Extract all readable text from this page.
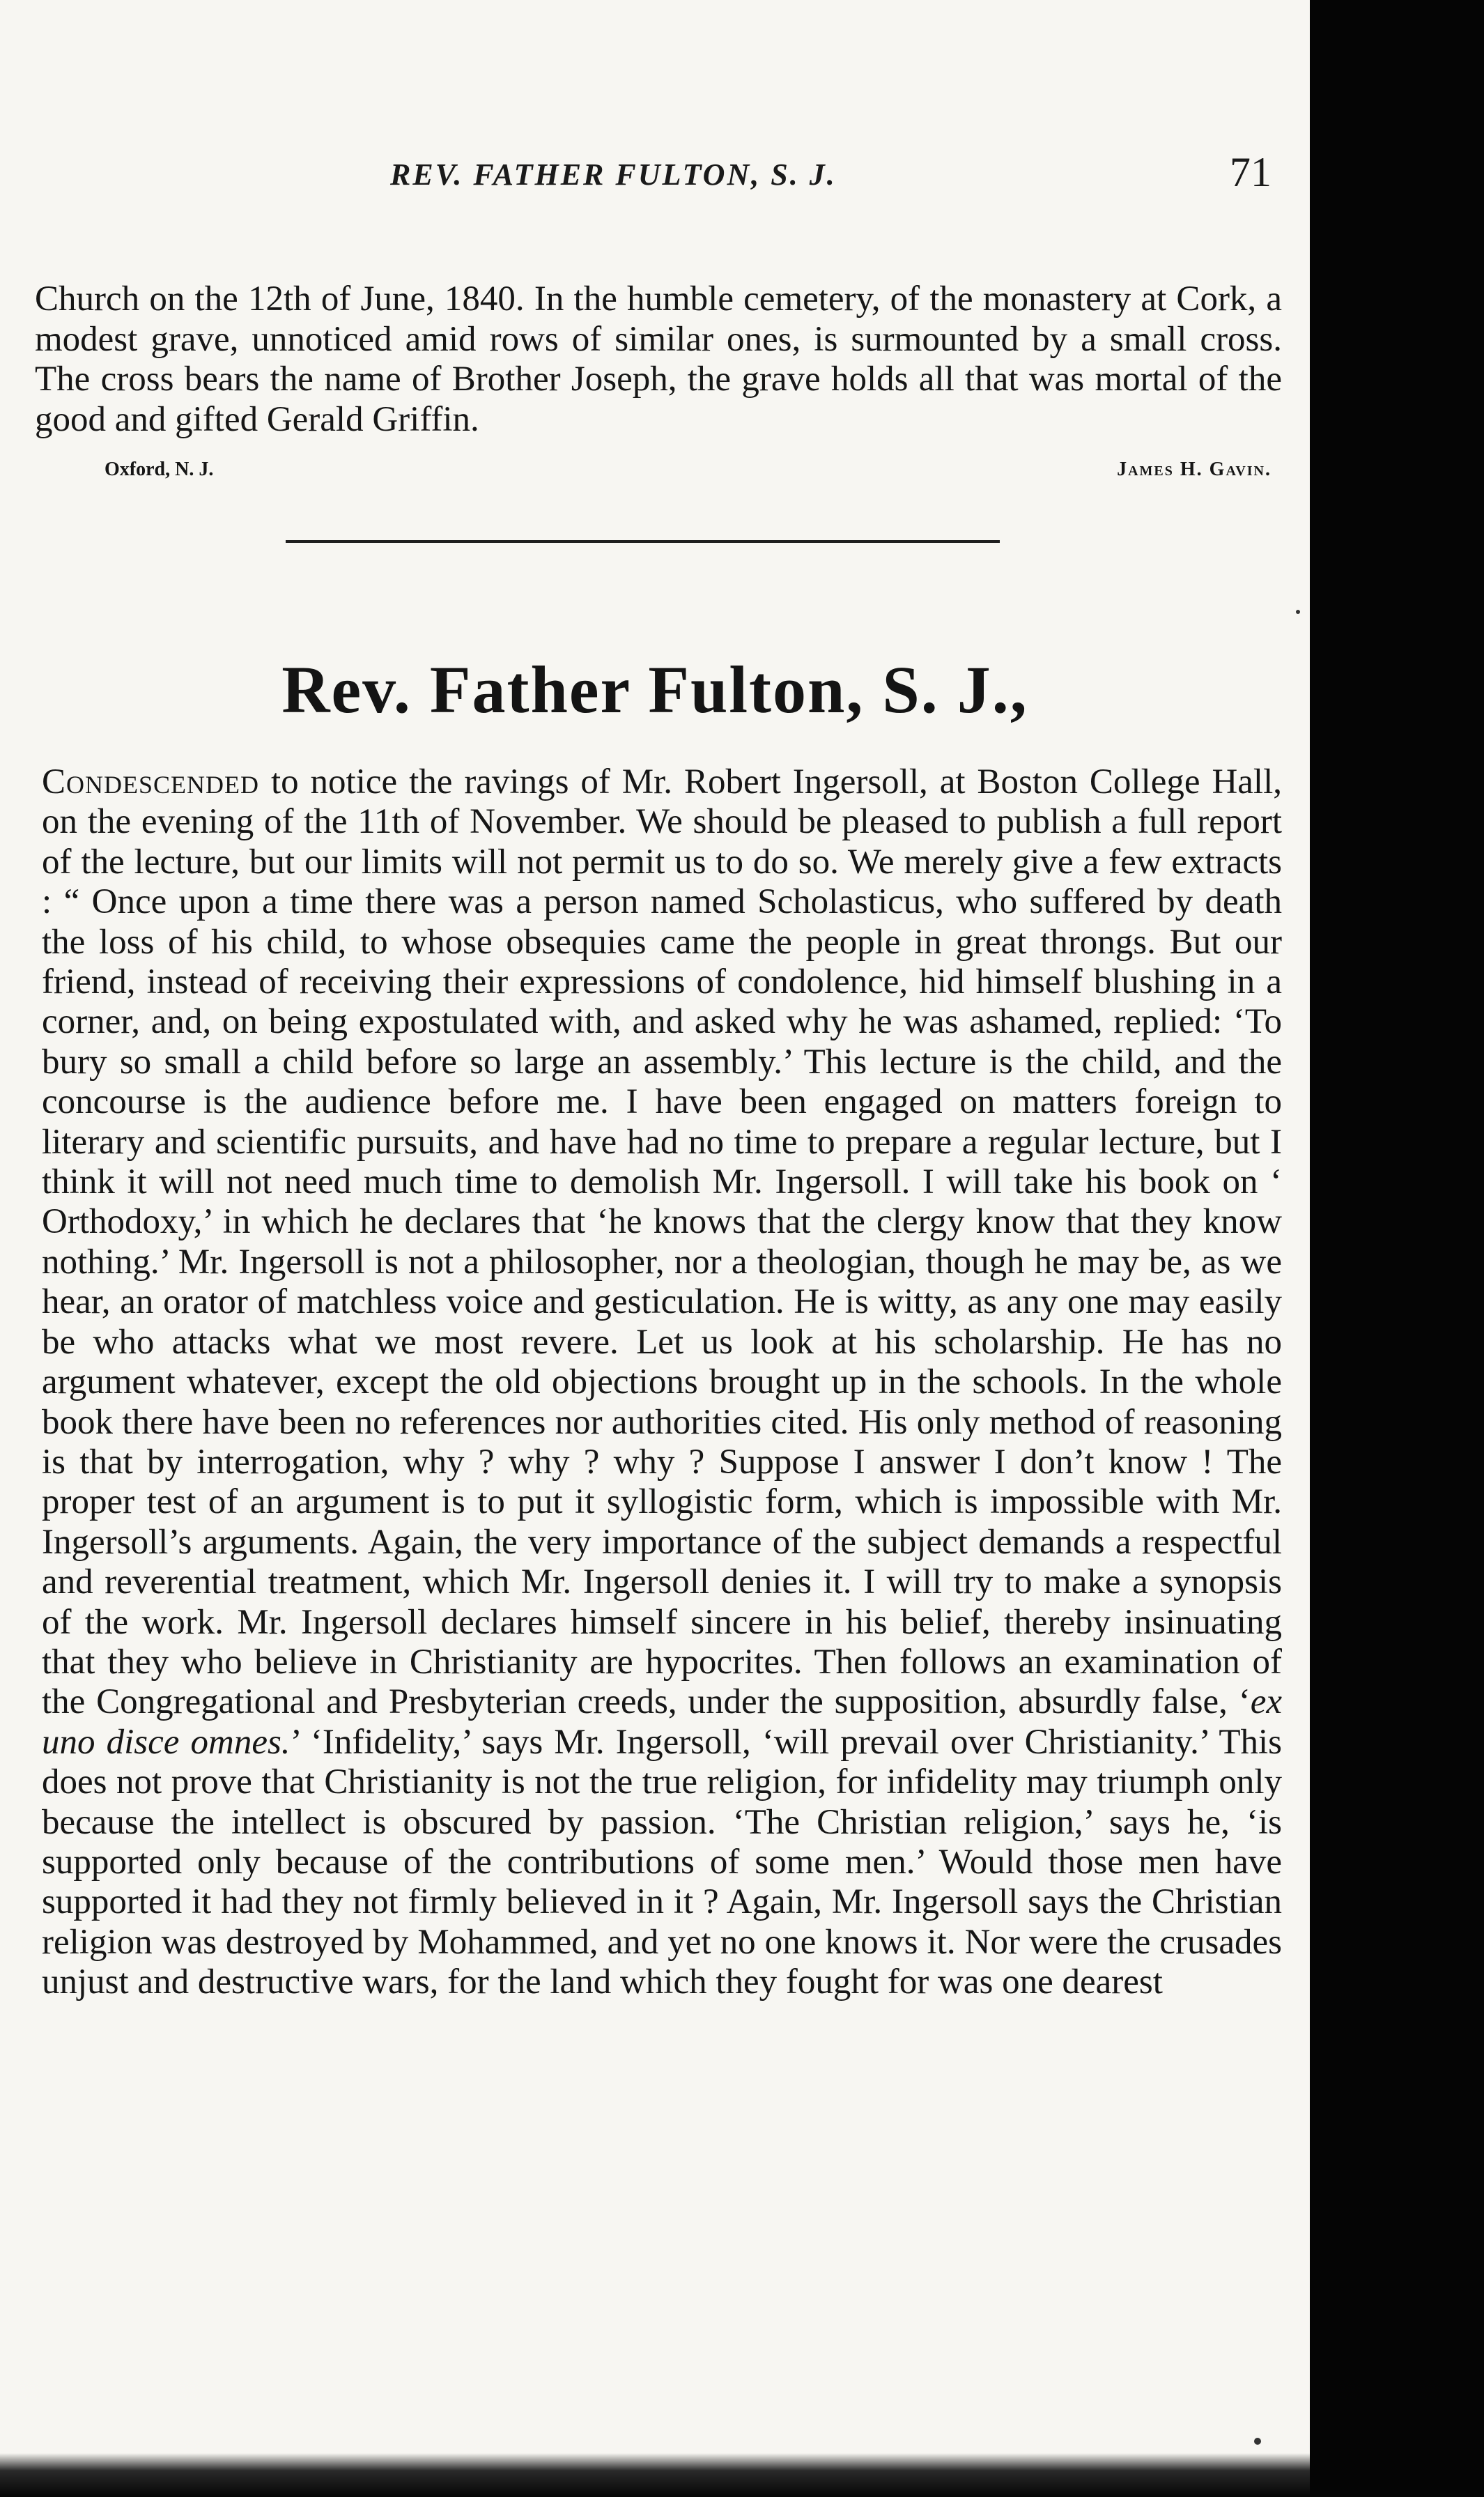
REV. FATHER FULTON, S. J.	71

Church on the 12th of June, 1840. In the humble cemetery, of the monastery at Cork, a modest grave, unnoticed amid rows of similar ones, is surmounted by a small cross. The cross bears the name of Brother Joseph, the grave holds all that was mortal of the good and gifted Gerald Griffin.

Oxford, N. J.	James H. Gavin.
Rev. Father Fulton, S. J.,

Condescended to notice the ravings of Mr. Robert Ingersoll, at Boston College Hall, on the evening of the 11th of November. We should be pleased to publish a full report of the lecture, but our limits will not permit us to do so. We merely give a few extracts : “ Once upon a time there was a person named Scholasticus, who suffered by death the loss of his child, to whose obsequies came the people in great throngs. But our friend, instead of receiving their expressions of condolence, hid himself blushing in a corner, and, on being expostulated with, and asked why he was ashamed, replied: ‘To bury so small a child before so large an assembly.’ This lecture is the child, and the concourse is the audience before me. I have been engaged on matters foreign to literary and scientific pursuits, and have had no time to prepare a regular lecture, but I think it will not need much time to demolish Mr. Ingersoll. I will take his book on ‘ Orthodoxy,’ in which he declares that ‘he knows that the clergy know that they know nothing.’ Mr. Ingersoll is not a philosopher, nor a theologian, though he may be, as we hear, an orator of matchless voice and gesticulation. He is witty, as any one may easily be who attacks what we most revere. Let us look at his scholarship. He has no argument whatever, except the old objections brought up in the schools. In the whole book there have been no references nor authorities cited. His only method of reasoning is that by interrogation, why ? why ? why ? Suppose I answer I don’t know ! The proper test of an argument is to put it syllogistic form, which is impossible with Mr. Ingersoll’s arguments. Again, the very importance of the subject demands a respectful and reverential treatment, which Mr. Ingersoll denies it. I will try to make a synopsis of the work. Mr. Ingersoll declares himself sincere in his belief, thereby insinuating that they who believe in Christianity are hypocrites. Then follows an examination of the Congregational and Presbyterian creeds, under the supposition, absurdly false, ‘ex uno disce omnes.’ ‘Infidelity,’ says Mr. Ingersoll, ‘will prevail over Christianity.’ This does not prove that Christianity is not the true religion, for infidelity may triumph only because the intellect is obscured by passion. ‘The Christian religion,’ says he, ‘is supported only because of the contributions of some men.’ Would those men have supported it had they not firmly believed in it ? Again, Mr. Ingersoll says the Christian religion was destroyed by Mohammed, and yet no one knows it. Nor were the crusades unjust and destructive wars, for the land which they fought for was one dearest
